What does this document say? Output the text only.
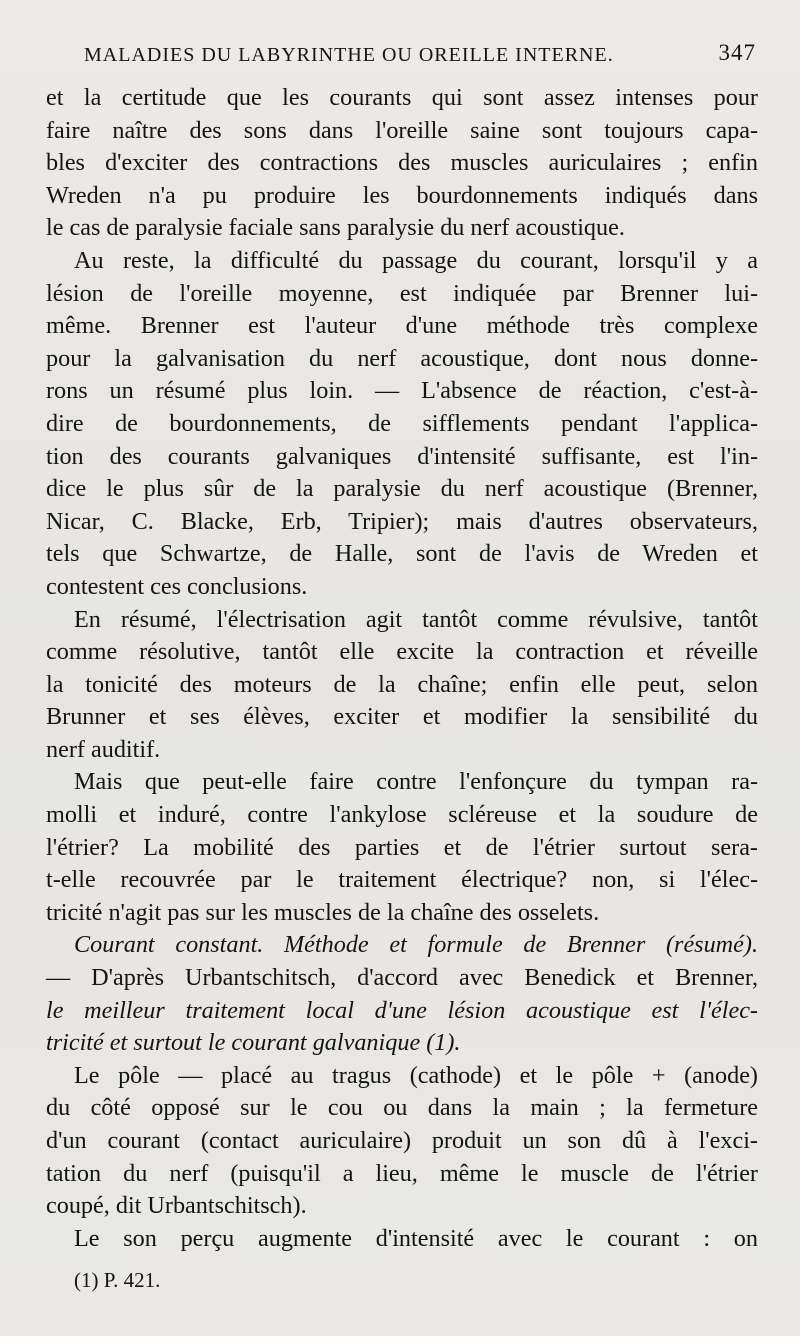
MALADIES DU LABYRINTHE OU OREILLE INTERNE.	347
et la certitude que les courants qui sont assez intenses pour
faire naître des sons dans l'oreille saine sont toujours capa-
bles d'exciter des contractions des muscles auriculaires ; enfin
Wreden n'a pu produire les bourdonnements indiqués dans
le cas de paralysie faciale sans paralysie du nerf acoustique.
Au reste, la difficulté du passage du courant, lorsqu'il y a
lésion de l'oreille moyenne, est indiquée par Brenner lui-
même. Brenner est l'auteur d'une méthode très complexe
pour la galvanisation du nerf acoustique, dont nous donne-
rons un résumé plus loin. — L'absence de réaction, c'est-à-
dire de bourdonnements, de sifflements pendant l'applica-
tion des courants galvaniques d'intensité suffisante, est l'in-
dice le plus sûr de la paralysie du nerf acoustique (Brenner,
Nicar, C. Blacke, Erb, Tripier); mais d'autres observateurs,
tels que Schwartze, de Halle, sont de l'avis de Wreden et
contestent ces conclusions.
En résumé, l'électrisation agit tantôt comme révulsive, tantôt
comme résolutive, tantôt elle excite la contraction et réveille
la tonicité des moteurs de la chaîne; enfin elle peut, selon
Brunner et ses élèves, exciter et modifier la sensibilité du
nerf auditif.
Mais que peut-elle faire contre l'enfonçure du tympan ra-
molli et induré, contre l'ankylose scléreuse et la soudure de
l'étrier? La mobilité des parties et de l'étrier surtout sera-
t-elle recouvrée par le traitement électrique? non, si l'élec-
tricité n'agit pas sur les muscles de la chaîne des osselets.
Courant constant. Méthode et formule de Brenner (résumé).
— D'après Urbantschitsch, d'accord avec Benedick et Brenner,
le meilleur traitement local d'une lésion acoustique est l'élec-
tricité et surtout le courant galvanique (1).
Le pôle — placé au tragus (cathode) et le pôle + (anode)
du côté opposé sur le cou ou dans la main ; la fermeture
d'un courant (contact auriculaire) produit un son dû à l'exci-
tation du nerf (puisqu'il a lieu, même le muscle de l'étrier
coupé, dit Urbantschitsch).
Le son perçu augmente d'intensité avec le courant : on
(1) P. 421.
